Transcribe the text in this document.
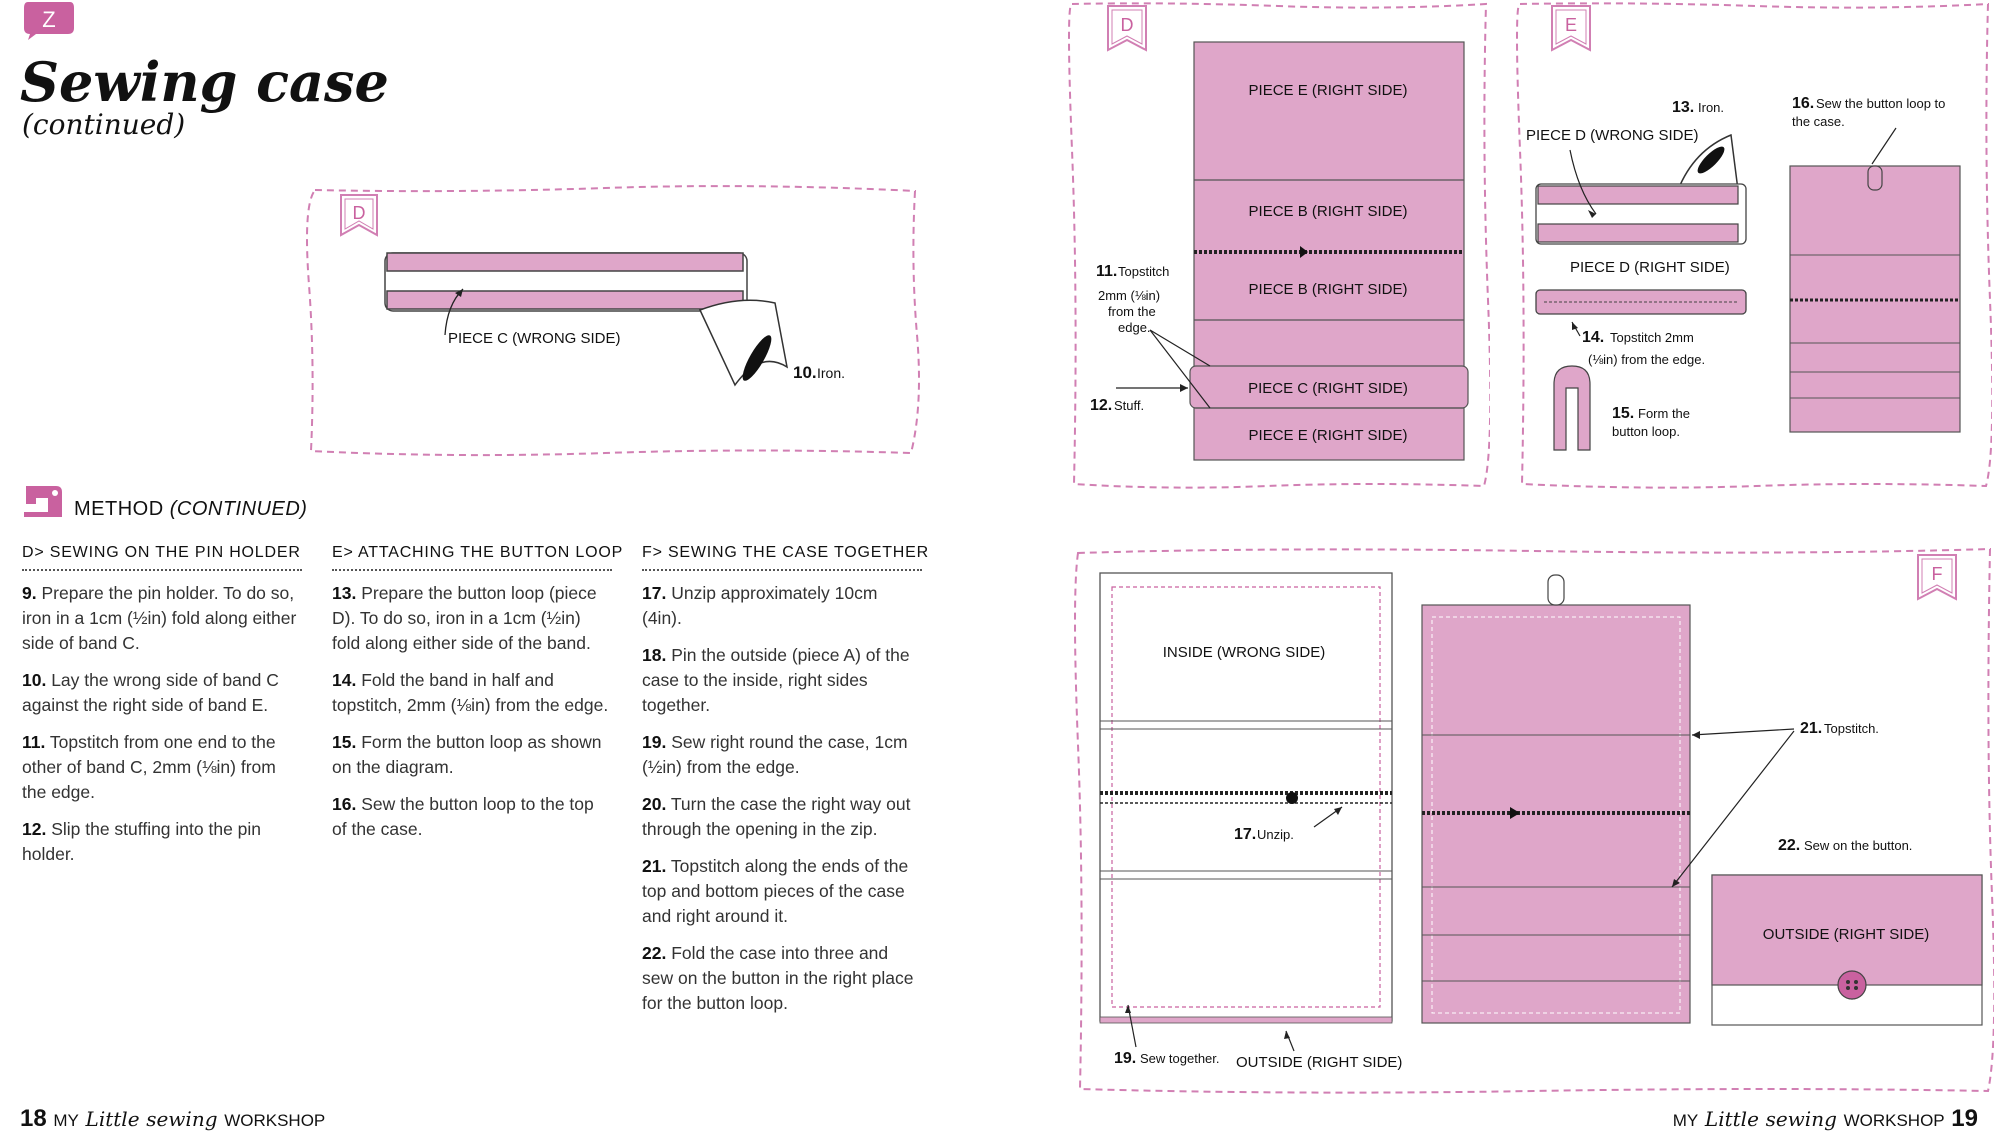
Z
Sewing case
(continued)
D
PIECE C (WRONG SIDE)
10. Iron.
METHOD (CONTINUED)
D> SEWING ON THE PIN HOLDER

9. Prepare the pin holder. To do so, iron in a 1cm (½in) fold along either side of band C.

10. Lay the wrong side of band C against the right side of band E.

11. Topstitch from one end to the other of band C, 2mm (⅛in) from the edge.

12. Slip the stuffing into the pin holder.

E> ATTACHING THE BUTTON LOOP

13. Prepare the button loop (piece D). To do so, iron in a 1cm (½in) fold along either side of the band.

14. Fold the band in half and topstitch, 2mm (⅛in) from the edge.

15. Form the button loop as shown on the diagram.

16. Sew the button loop to the top of the case.

F> SEWING THE CASE TOGETHER

17. Unzip approximately 10cm (4in).

18. Pin the outside (piece A) of the case to the inside, right sides together.

19. Sew right round the case, 1cm (½in) from the edge.

20. Turn the case the right way out through the opening in the zip.

21. Topstitch along the ends of the top and bottom pieces of the case and right around it.

22. Fold the case into three and sew on the button in the right place for the button loop.

18 MY Little sewing WORKSHOP
D
PIECE E (RIGHT SIDE)
PIECE B (RIGHT SIDE)
PIECE B (RIGHT SIDE)
PIECE C (RIGHT SIDE)
PIECE E (RIGHT SIDE)
11. Topstitch
2mm (⅛in)
from the
edge.
12. Stuff.
E
PIECE D (WRONG SIDE)
13. Iron.
PIECE D (RIGHT SIDE)
14. Topstitch 2mm
(⅛in) from the edge.
15. Form the
button loop.
16. Sew the button loop to
the case.
F
INSIDE (WRONG SIDE)
17. Unzip.
19. Sew together. OUTSIDE (RIGHT SIDE)
21. Topstitch.
22. Sew on the button.
OUTSIDE (RIGHT SIDE)
MY Little sewing WORKSHOP 19
